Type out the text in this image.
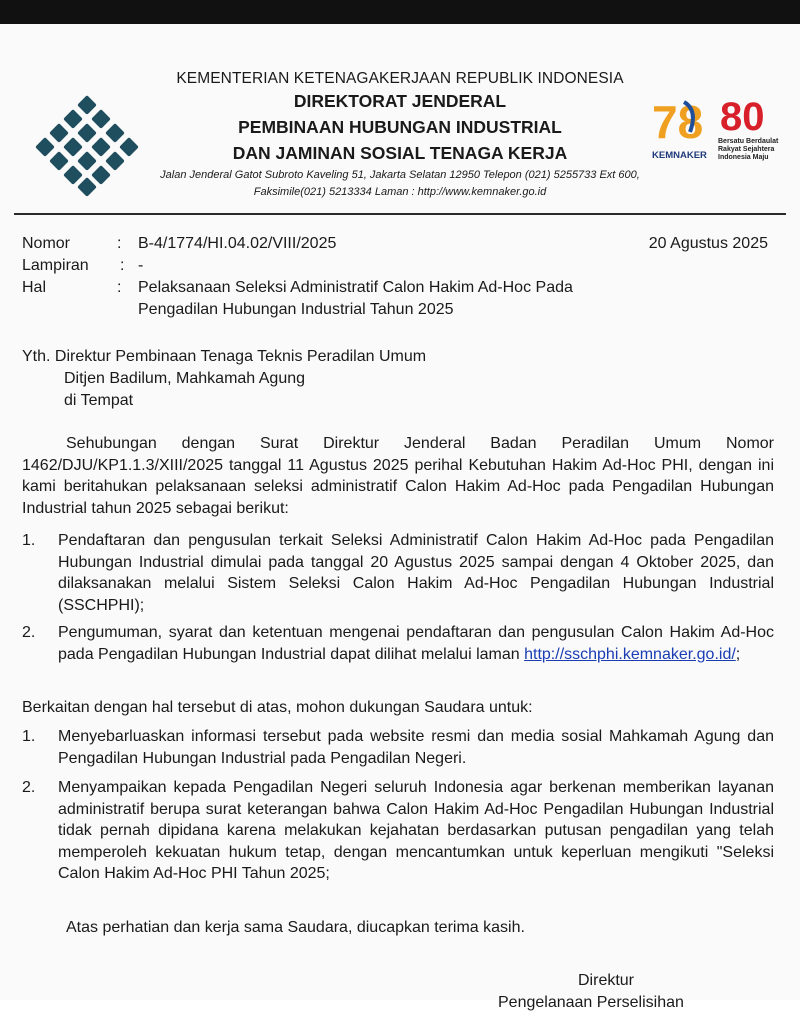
KEMENTERIAN KETENAGAKERJAAN REPUBLIK INDONESIA
DIREKTORAT JENDERAL
PEMBINAAN HUBUNGAN INDUSTRIAL
DAN JAMINAN SOSIAL TENAGA KERJA
Jalan Jenderal Gatot Subroto Kaveling 51, Jakarta Selatan 12950 Telepon (021) 5255733 Ext 600,
Faksimile(021) 5213334 Laman : http://www.kemnaker.go.id
78
KEMNAKER
80
Bersatu Berdaulat Rakyat Sejahtera Indonesia Maju
Nomor	: B-4/1774/HI.04.02/VIII/2025	20 Agustus 2025
Lampiran : -
Hal	: Pelaksanaan Seleksi Administratif Calon Hakim Ad-Hoc Pada
Pengadilan Hubungan Industrial Tahun 2025
Yth. Direktur Pembinaan Tenaga Teknis Peradilan Umum
Ditjen Badilum, Mahkamah Agung
di Tempat
Sehubungan dengan Surat Direktur Jenderal Badan Peradilan Umum Nomor 1462/DJU/KP1.1.3/XIII/2025 tanggal 11 Agustus 2025 perihal Kebutuhan Hakim Ad-Hoc PHI, dengan ini kami beritahukan pelaksanaan seleksi administratif Calon Hakim Ad-Hoc pada Pengadilan Hubungan Industrial tahun 2025 sebagai berikut:
1. Pendaftaran dan pengusulan terkait Seleksi Administratif Calon Hakim Ad-Hoc pada Pengadilan Hubungan Industrial dimulai pada tanggal 20 Agustus 2025 sampai dengan 4 Oktober 2025, dan dilaksanakan melalui Sistem Seleksi Calon Hakim Ad-Hoc Pengadilan Hubungan Industrial (SSCHPHI);
2. Pengumuman, syarat dan ketentuan mengenai pendaftaran dan pengusulan Calon Hakim Ad-Hoc pada Pengadilan Hubungan Industrial dapat dilihat melalui laman http://sschphi.kemnaker.go.id/;
Berkaitan dengan hal tersebut di atas, mohon dukungan Saudara untuk:
1. Menyebarluaskan informasi tersebut pada website resmi dan media sosial Mahkamah Agung dan Pengadilan Hubungan Industrial pada Pengadilan Negeri.
2. Menyampaikan kepada Pengadilan Negeri seluruh Indonesia agar berkenan memberikan layanan administratif berupa surat keterangan bahwa Calon Hakim Ad-Hoc Pengadilan Hubungan Industrial tidak pernah dipidana karena melakukan kejahatan berdasarkan putusan pengadilan yang telah memperoleh kekuatan hukum tetap, dengan mencantumkan untuk keperluan mengikuti "Seleksi Calon Hakim Ad-Hoc PHI Tahun 2025;
Atas perhatian dan kerja sama Saudara, diucapkan terima kasih.
Direktur
Pengelanaan Perselisihan
